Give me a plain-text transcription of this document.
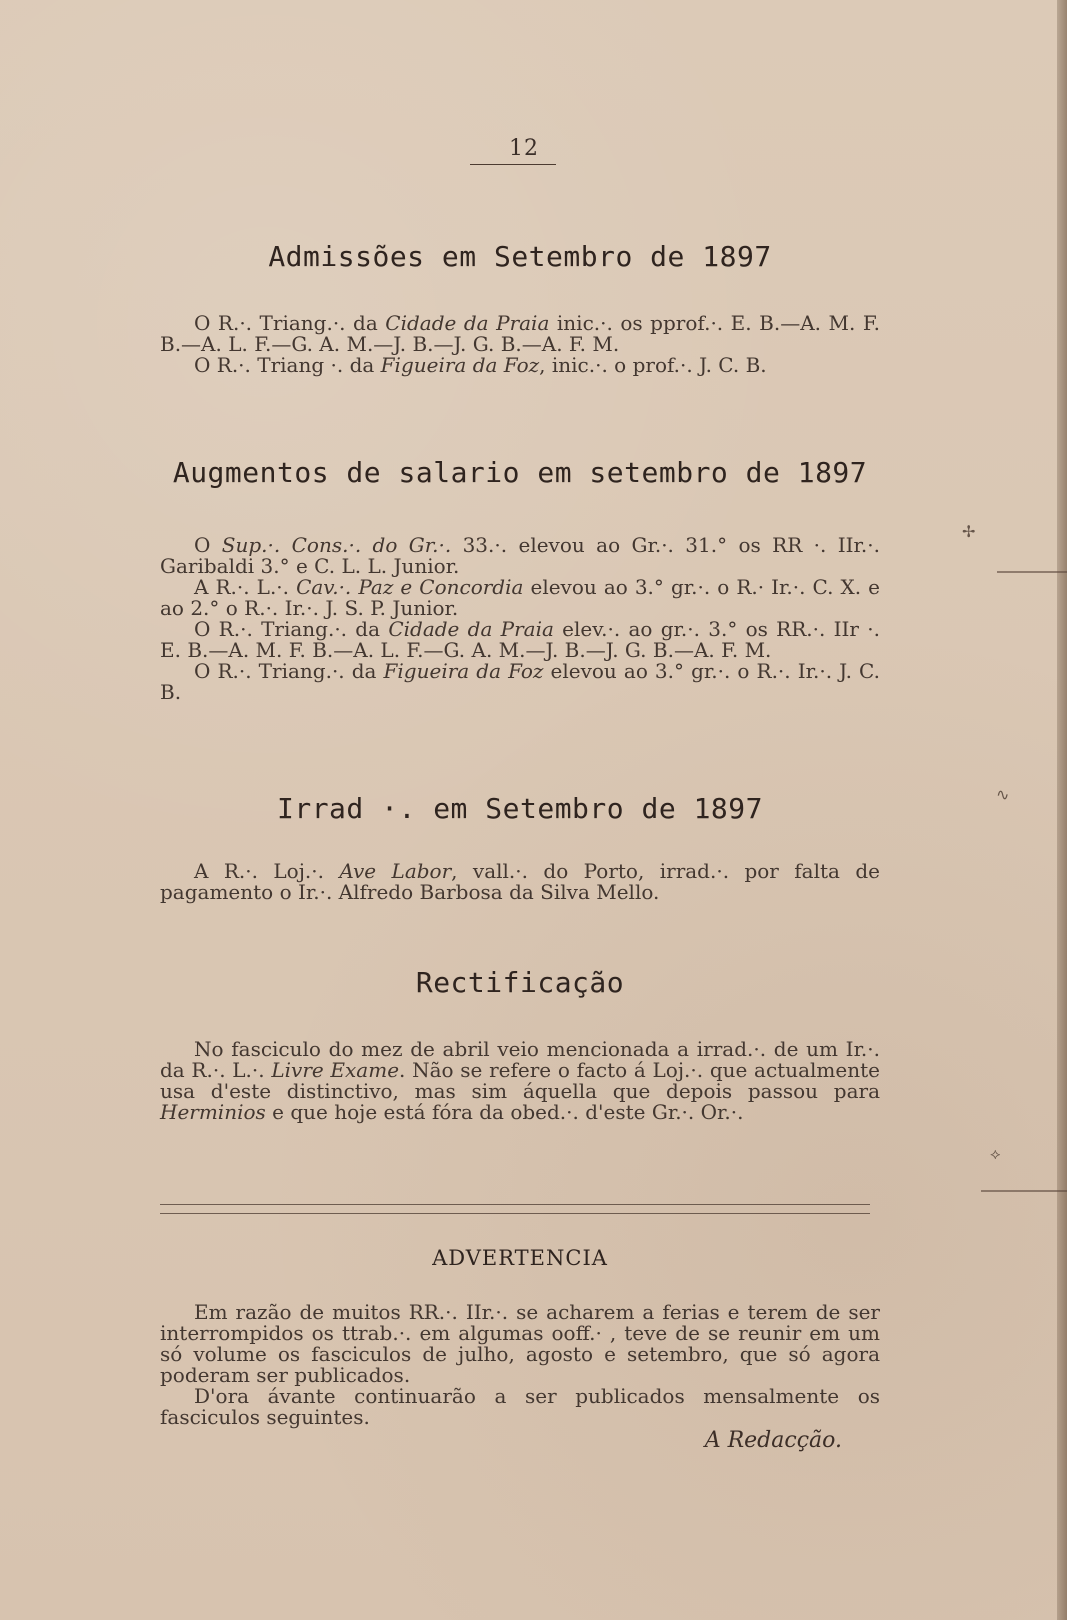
12
Admissões em Setembro de 1897

O R.·. Triang.·. da Cidade da Praia inic.·. os pprof.·. E. B.—A. M. F. B.—A. L. F.—G. A. M.—J. B.—J. G. B.—A. F. M.

O R.·. Triang ·. da Figueira da Foz, inic.·. o prof.·. J. C. B.

Augmentos de salario em setembro de 1897

O Sup.·. Cons.·. do Gr.·. 33.·. elevou ao Gr.·. 31.° os RR ·. IIr.·. Garibaldi 3.° e C. L. L. Junior.

A R.·. L.·. Cav.·. Paz e Concordia elevou ao 3.° gr.·. o R.· Ir.·. C. X. e ao 2.° o R.·. Ir.·. J. S. P. Junior.

O R.·. Triang.·. da Cidade da Praia elev.·. ao gr.·. 3.° os RR.·. IIr ·. E. B.—A. M. F. B.—A. L. F.—G. A. M.—J. B.—J. G. B.—A. F. M.

O R.·. Triang.·. da Figueira da Foz elevou ao 3.° gr.·. o R.·. Ir.·. J. C. B.

Irrad ·. em Setembro de 1897

A R.·. Loj.·. Ave Labor, vall.·. do Porto, irrad.·. por falta de pagamento o Ir.·. Alfredo Barbosa da Silva Mello.

Rectificação

No fasciculo do mez de abril veio mencionada a irrad.·. de um Ir.·. da R.·. L.·. Livre Exame. Não se refere o facto á Loj.·. que actualmente usa d'este distinctivo, mas sim áquella que depois passou para Herminios e que hoje está fóra da obed.·. d'este Gr.·. Or.·.

ADVERTENCIA

Em razão de muitos RR.·. IIr.·. se acharem a ferias e terem de ser interrompidos os ttrab.·. em algumas ooff.· , teve de se reunir em um só volume os fasciculos de julho, agosto e setembro, que só agora poderam ser publicados.

D'ora ávante continuarão a ser publicados mensalmente os fasciculos seguintes.

A Redacção.
✢
∿
⟡
